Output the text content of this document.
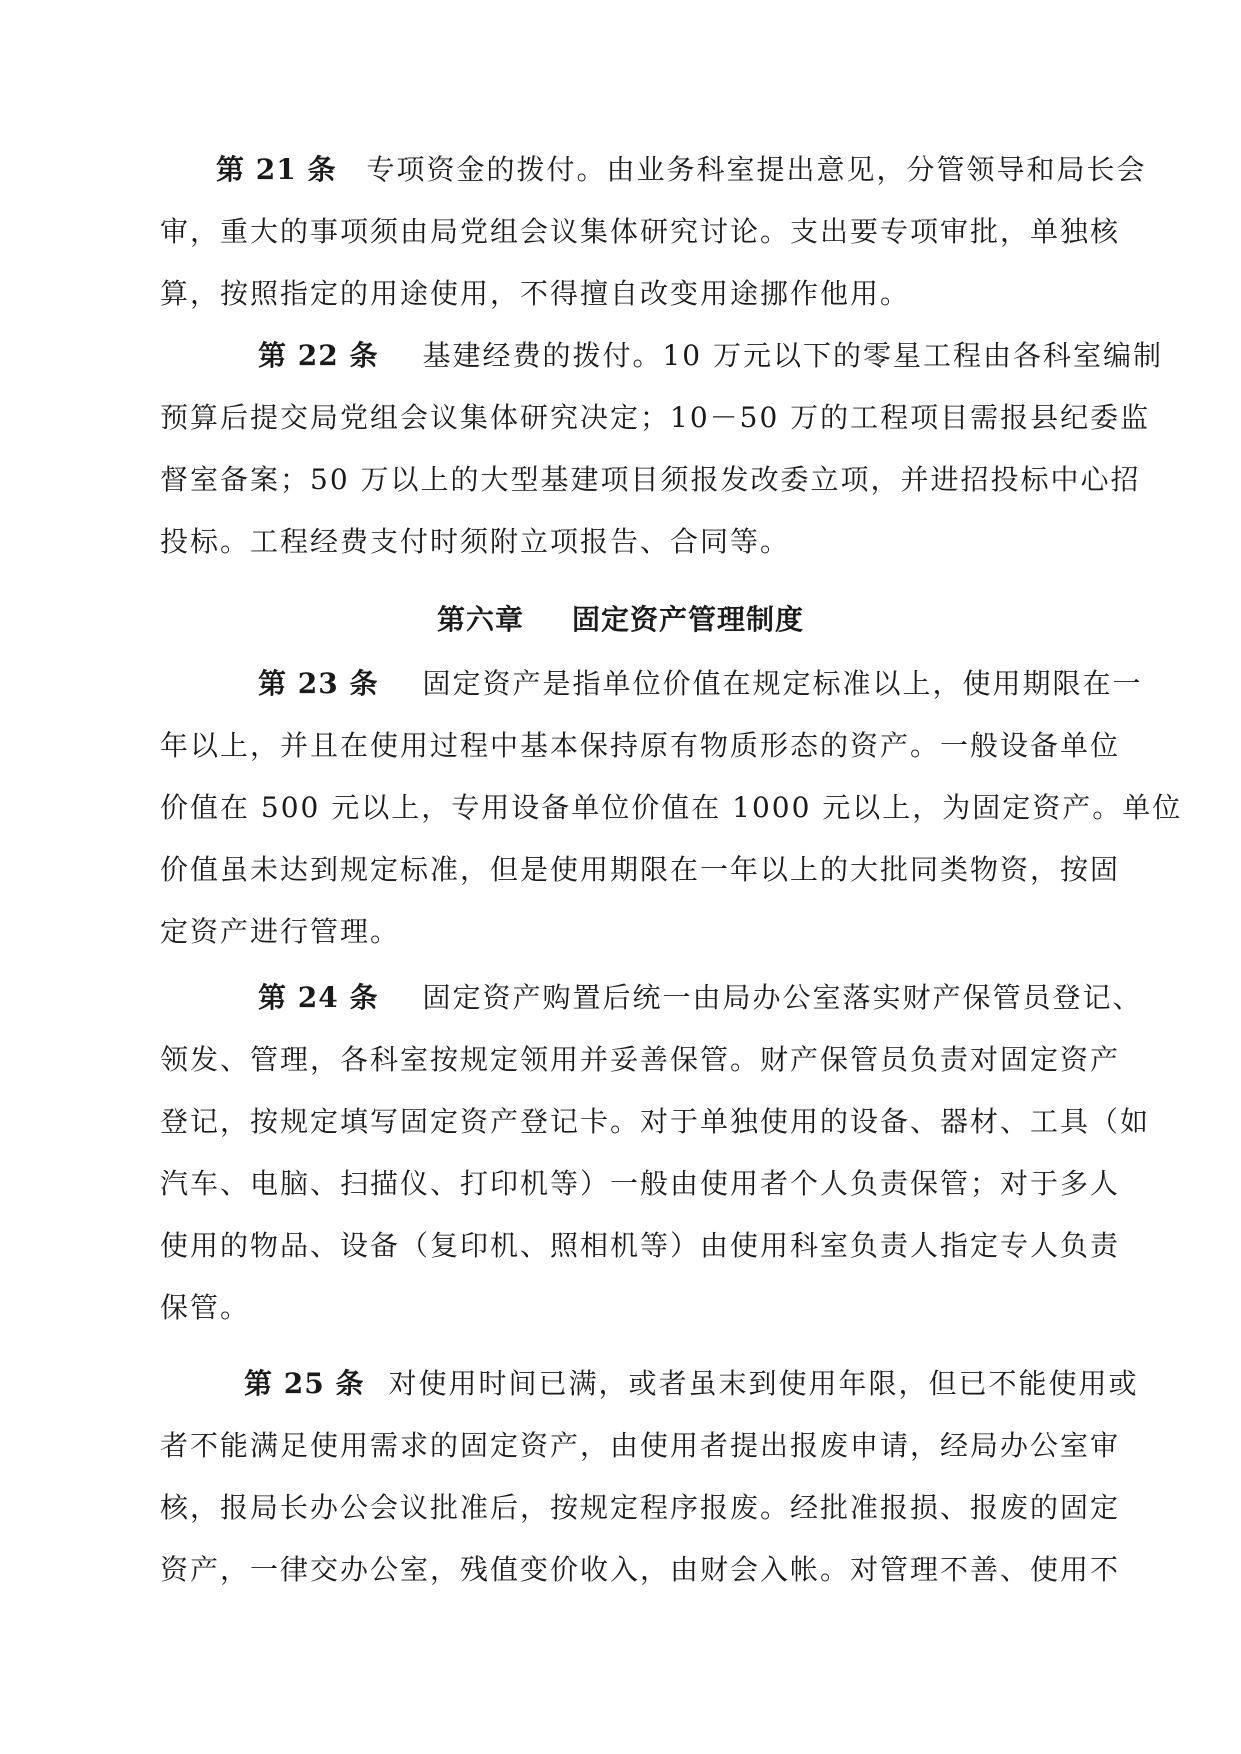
第 21 条 专项资金的拨付。由业务科室提出意见，分管领导和局长会
审，重大的事项须由局党组会议集体研究讨论。支出要专项审批，单独核
算，按照指定的用途使用，不得擅自改变用途挪作他用。
第 22 条 基建经费的拨付。10 万元以下的零星工程由各科室编制
预算后提交局党组会议集体研究决定；10－50 万的工程项目需报县纪委监
督室备案；50 万以上的大型基建项目须报发改委立项，并进招投标中心招
投标。工程经费支付时须附立项报告、合同等。
第六章 固定资产管理制度
第 23 条 固定资产是指单位价值在规定标准以上，使用期限在一
年以上，并且在使用过程中基本保持原有物质形态的资产。一般设备单位
价值在 500 元以上，专用设备单位价值在 1000 元以上，为固定资产。单位
价值虽未达到规定标准，但是使用期限在一年以上的大批同类物资，按固
定资产进行管理。
第 24 条 固定资产购置后统一由局办公室落实财产保管员登记、
领发、管理，各科室按规定领用并妥善保管。财产保管员负责对固定资产
登记，按规定填写固定资产登记卡。对于单独使用的设备、器材、工具（如
汽车、电脑、扫描仪、打印机等）一般由使用者个人负责保管；对于多人
使用的物品、设备（复印机、照相机等）由使用科室负责人指定专人负责
保管。
第 25 条 对使用时间已满，或者虽末到使用年限，但已不能使用或
者不能满足使用需求的固定资产，由使用者提出报废申请，经局办公室审
核，报局长办公会议批准后，按规定程序报废。经批准报损、报废的固定
资产，一律交办公室，残值变价收入，由财会入帐。对管理不善、使用不
